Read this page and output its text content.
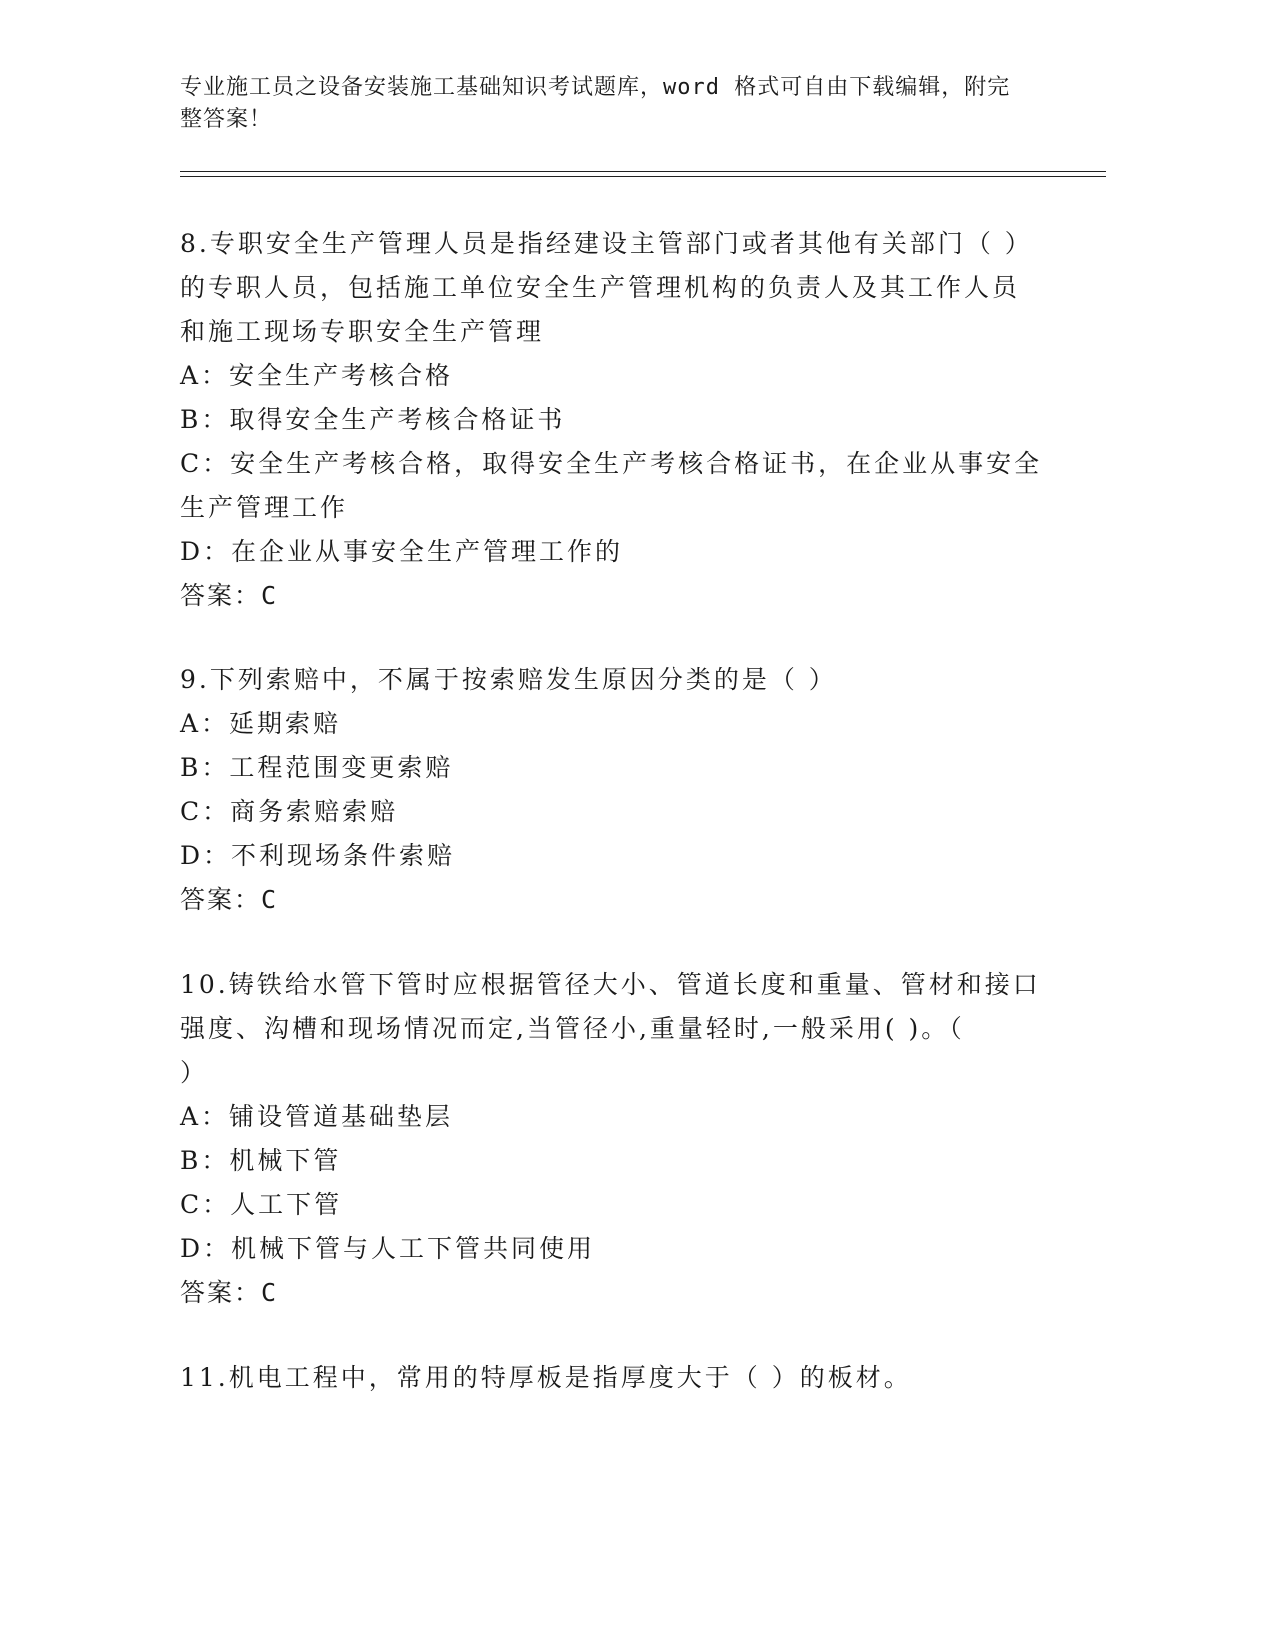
专业施工员之设备安装施工基础知识考试题库，word 格式可自由下载编辑，附完
整答案！
8.专职安全生产管理人员是指经建设主管部门或者其他有关部门（ ）
的专职人员，包括施工单位安全生产管理机构的负责人及其工作人员
和施工现场专职安全生产管理
A：安全生产考核合格
B：取得安全生产考核合格证书
C：安全生产考核合格，取得安全生产考核合格证书，在企业从事安全
生产管理工作
D：在企业从事安全生产管理工作的
答案：C
9.下列索赔中，不属于按索赔发生原因分类的是（ ）
A：延期索赔
B：工程范围变更索赔
C：商务索赔索赔
D：不利现场条件索赔
答案：C
10.铸铁给水管下管时应根据管径大小、管道长度和重量、管材和接口
强度、沟槽和现场情况而定,当管径小,重量轻时,一般采用( )。（
）
A：铺设管道基础垫层
B：机械下管
C：人工下管
D：机械下管与人工下管共同使用
答案：C
11.机电工程中，常用的特厚板是指厚度大于（ ）的板材。
